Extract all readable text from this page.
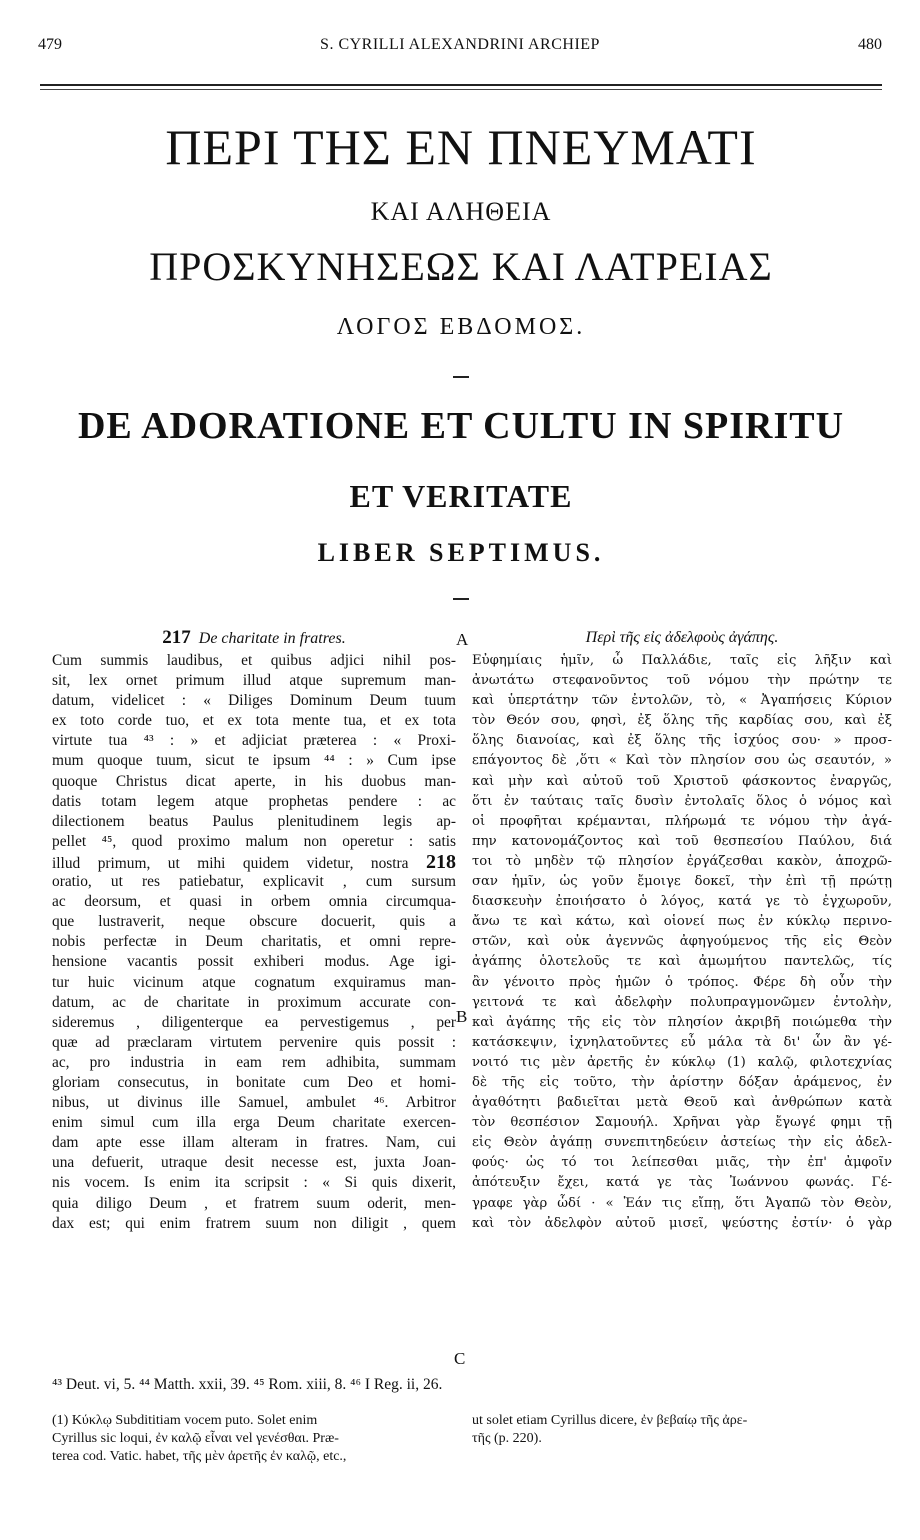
479	S. CYRILLI ALEXANDRINI ARCHIEP	480
ΠΕΡΙ ΤΗΣ ΕΝ ΠΝΕΥΜΑΤΙ
ΚΑΙ ΑΛΗΘΕΙΑ
ΠΡΟΣΚΥΝΗΣΕΩΣ ΚΑΙ ΛΑΤΡΕΙΑΣ
ΛΟΓΟΣ ΕΒΔΟΜΟΣ.
DE ADORATIONE ET CULTU IN SPIRITU
ET VERITATE
LIBER SEPTIMUS.
217 De charitate in fratres.
Cum summis laudibus, et quibus adjici nihil pos-
sit, lex ornet primum illud atque supremum man-
datum, videlicet : « Diliges Dominum Deum tuum
ex toto corde tuo, et ex tota mente tua, et ex tota
virtute tua ⁴³ : » et adjiciat prætereа : « Proxi-
mum quoque tuum, sicut te ipsum ⁴⁴ : » Cum ipse
quoque Christus dicat aperte, in his duobus man-
datis totam legem atque prophetas pendere : ac
dilectionem beatus Paulus plenitudinem legis ap-
pellet ⁴⁵, quod proximo malum non operetur : satis
illud primum, ut mihi quidem videtur, nostra 218
oratio, ut res patiebatur, explicavit , cum sursum
ac deorsum, et quasi in orbem omnia circumqua-
que lustraverit, neque obscure docuerit, quis a
nobis perfectæ in Deum charitatis, et omni repre-
hensione vacantis possit exhiberi modus. Age igi-
tur huic vicinum atque cognatum exquiramus man-
datum, ac de charitate in proximum accurate con-
sideremus , diligenterque ea pervestigemus , per
quæ ad præclaram virtutem pervenire quis possit :
ac, pro industria in eam rem adhibita, summam
gloriam consecutus, in bonitate cum Deo et homi-
nibus, ut divinus ille Samuel, ambulet ⁴⁶. Arbitror
enim simul cum illa erga Deum charitate exercen-
dam apte esse illam alteram in fratres. Nam, cui
una defuerit, utraque desit necesse est, juxta Joan-
nis vocem. Is enim ita scripsit : « Si quis dixerit,
quia diligo Deum , et fratrem suum oderit, men-
dax est; qui enim fratrem suum non diligit , quem
Περὶ τῆς εἰς ἀδελφοὺς ἀγάπης.
Εὐφημίαις ἡμῖν, ὦ Παλλάδιε, ταῖς εἰς λῆξιν καὶ
ἀνωτάτω στεφανοῦντος τοῦ νόμου τὴν πρώτην τε
καὶ ὑπερτάτην τῶν ἐντολῶν, τὸ, « Ἀγαπήσεις Κύριον
τὸν Θεόν σου, φησὶ, ἐξ ὅλης τῆς καρδίας σου, καὶ ἐξ
ὅλης διανοίας, καὶ ἐξ ὅλης τῆς ἰσχύος σου· » προσ-
επάγοντος δὲ ,ὅτι « Καὶ τὸν πλησίον σου ὡς σεαυτόν, »
καὶ μὴν καὶ αὐτοῦ τοῦ Χριστοῦ φάσκοντος ἐναργῶς,
ὅτι ἐν ταύταις ταῖς δυσὶν ἐντολαῖς ὅλος ὁ νόμος καὶ
οἱ προφῆται κρέμανται, πλήρωμά τε νόμου τὴν ἀγά-
πην κατονομάζοντος καὶ τοῦ θεσπεσίου Παύλου, διά
τοι τὸ μηδὲν τῷ πλησίον ἐργάζεσθαι κακὸν, ἀποχρῶ-
σαν ἡμῖν, ὡς γοῦν ἔμοιγε δοκεῖ, τὴν ἐπὶ τῇ πρώτῃ
διασκευὴν ἐποιήσατο ὁ λόγος, κατά γε τὸ ἐγχωροῦν,
ἄνω τε καὶ κάτω, καὶ οἱονεί πως ἐν κύκλῳ περινο-
στῶν, καὶ οὐκ ἀγεννῶς ἀφηγούμενος τῆς εἰς Θεὸν
ἀγάπης ὁλοτελοῦς τε καὶ ἀμωμήτου παντελῶς, τίς
ἂν γένοιτο πρὸς ἡμῶν ὁ τρόπος. Φέρε δὴ οὖν τὴν
γειτονά τε καὶ ἀδελφὴν πολυπραγμονῶμεν ἐντολὴν,
καὶ ἀγάπης τῆς εἰς τὸν πλησίον ἀκριβῆ ποιώμεθα τὴν
κατάσκεψιν, ἰχνηλατοῦντες εὖ μάλα τὰ δι' ὧν ἂν γέ-
νοιτό τις μὲν ἀρετῆς ἐν κύκλῳ (1) καλῷ, φιλοτεχνίας
δὲ τῆς εἰς τοῦτο, τὴν ἀρίστην δόξαν ἀράμενος, ἐν
ἀγαθότητι βαδιεῖται μετὰ Θεοῦ καὶ ἀνθρώπων κατὰ
τὸν θεσπέσιον Σαμουήλ. Χρῆναι γὰρ ἔγωγέ φημι τῇ
εἰς Θεὸν ἀγάπῃ συνεπιτηδεύειν ἀστείως τὴν εἰς ἀδελ-
φούς· ὡς τό τοι λείπεσθαι μιᾶς, τὴν ἐπ' ἀμφοῖν
ἀπότευξιν ἔχει, κατά γε τὰς Ἰωάννου φωνάς. Γέ-
γραφε γὰρ ὧδί · « Ἐάν τις εἴπῃ, ὅτι Ἀγαπῶ τὸν Θεὸν,
καὶ τὸν ἀδελφὸν αὐτοῦ μισεῖ, ψεύστης ἐστίν· ὁ γὰρ
A
B
C
⁴³ Deut. vi, 5. ⁴⁴ Matth. xxii, 39. ⁴⁵ Rom. xiii, 8. ⁴⁶ I Reg. ii, 26.
(1) Κύκλῳ Subdititiam vocem puto. Solet enim
Cyrillus sic loqui, ἐν καλῷ εἶναι vel γενέσθαι. Præ-
terea cod. Vatic. habet, τῆς μὲν ἀρετῆς ἐν καλῷ, etc.,
ut solet etiam Cyrillus dicere, ἐν βεβαίῳ τῆς ἀρε-
τῆς (p. 220).
